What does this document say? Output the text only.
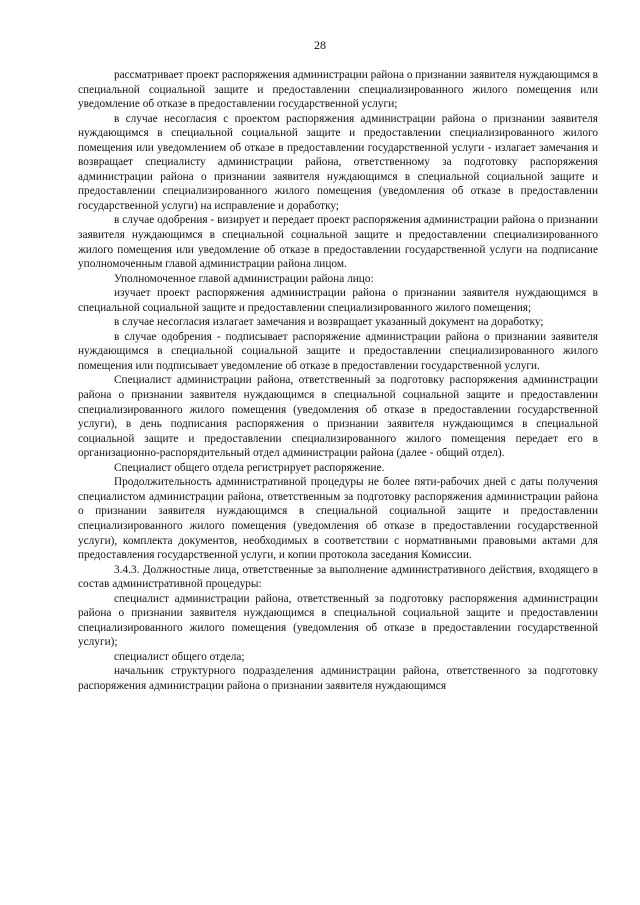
28

рассматривает проект распоряжения администрации района о признании заявителя нуждающимся в специальной социальной защите и предоставлении специализированного жилого помещения или уведомление об отказе в предоставлении государственной услуги;

в случае несогласия с проектом распоряжения администрации района о признании заявителя нуждающимся в специальной социальной защите и предоставлении специализированного жилого помещения или уведомлением об отказе в предоставлении государственной услуги - излагает замечания и возвращает специалисту администрации района, ответственному за подготовку распоряжения администрации района о признании заявителя нуждающимся в специальной социальной защите и предоставлении специализированного жилого помещения (уведомления об отказе в предоставлении государственной услуги) на исправление и доработку;

в случае одобрения - визирует и передает проект распоряжения администрации района о признании заявителя нуждающимся в специальной социальной защите и предоставлении специализированного жилого помещения или уведомление об отказе в предоставлении государственной услуги на подписание уполномоченным главой администрации района лицом.

Уполномоченное главой администрации района лицо:

изучает проект распоряжения администрации района о признании заявителя нуждающимся в специальной социальной защите и предоставлении специализированного жилого помещения;

в случае несогласия излагает замечания и возвращает указанный документ на доработку;

в случае одобрения - подписывает распоряжение администрации района о признании заявителя нуждающимся в специальной социальной защите и предоставлении специализированного жилого помещения или подписывает уведомление об отказе в предоставлении государственной услуги.

Специалист администрации района, ответственный за подготовку распоряжения администрации района о признании заявителя нуждающимся в специальной социальной защите и предоставлении специализированного жилого помещения (уведомления об отказе в предоставлении государственной услуги), в день подписания распоряжения о признании заявителя нуждающимся в специальной социальной защите и предоставлении специализированного жилого помещения передает его в организационно-распорядительный отдел администрации района (далее - общий отдел).

Специалист общего отдела регистрирует распоряжение.

Продолжительность административной процедуры не более пяти-рабочих дней с даты получения специалистом администрации района, ответственным за подготовку распоряжения администрации района о признании заявителя нуждающимся в специальной социальной защите и предоставлении специализированного жилого помещения (уведомления об отказе в предоставлении государственной услуги), комплекта документов, необходимых в соответствии с нормативными правовыми актами для предоставления государственной услуги, и копии протокола заседания Комиссии.

3.4.3. Должностные лица, ответственные за выполнение административного действия, входящего в состав административной процедуры:

специалист администрации района, ответственный за подготовку распоряжения администрации района о признании заявителя нуждающимся в специальной социальной защите и предоставлении специализированного жилого помещения (уведомления об отказе в предоставлении государственной услуги);

специалист общего отдела;

начальник структурного подразделения администрации района, ответственного за подготовку распоряжения администрации района о признании заявителя нуждающимся
